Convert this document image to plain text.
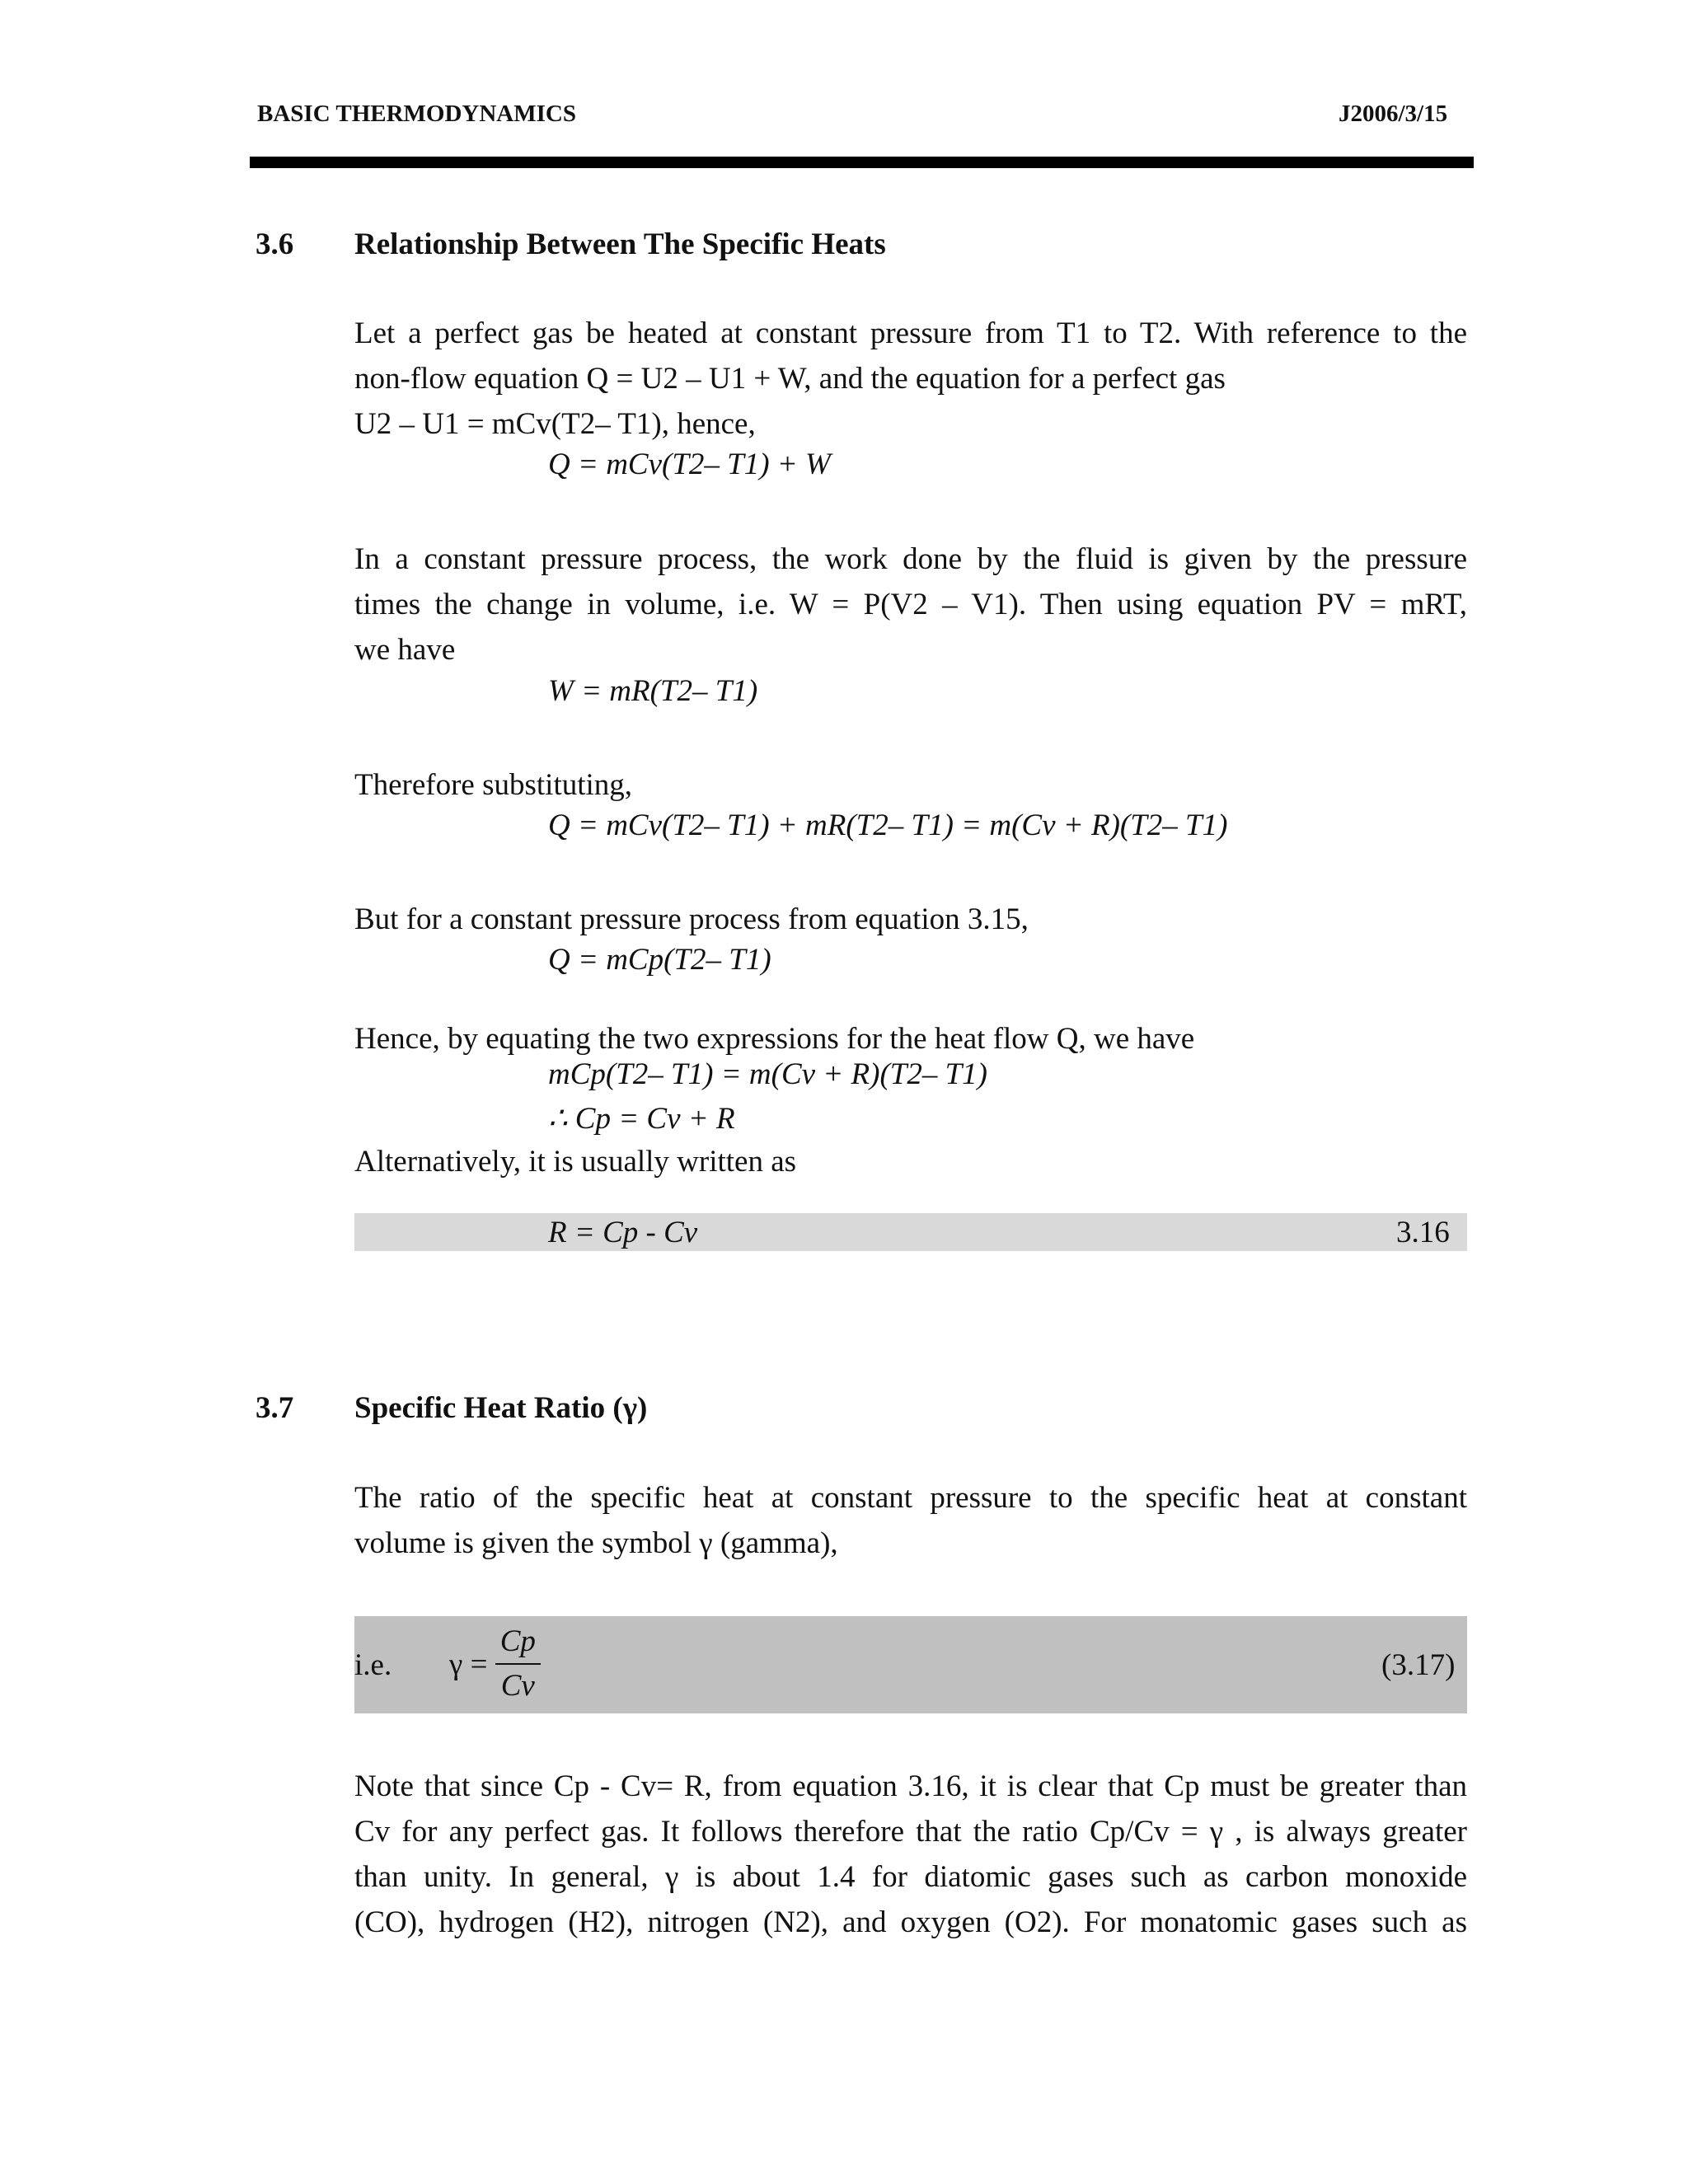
BASIC THERMODYNAMICS	J2006/3/15
3.6 Relationship Between The Specific Heats
Let a perfect gas be heated at constant pressure from T1 to T2. With reference to the
non-flow equation Q = U2 – U1 + W, and the equation for a perfect gas
U2 – U1 = mCv(T2– T1), hence,
Q = mCv(T2– T1) + W
In a constant pressure process, the work done by the fluid is given by the pressure
times the change in volume, i.e. W = P(V2 – V1). Then using equation PV = mRT,
we have
W = mR(T2– T1)
Therefore substituting,
Q = mCv(T2– T1) + mR(T2– T1) = m(Cv + R)(T2– T1)
But for a constant pressure process from equation 3.15,
Q = mCp(T2– T1)
Hence, by equating the two expressions for the heat flow Q, we have
mCp(T2– T1) = m(Cv + R)(T2– T1)
∴ Cp = Cv + R
Alternatively, it is usually written as
R = Cp - Cv	3.16
3.7 Specific Heat Ratio (γ)
The ratio of the specific heat at constant pressure to the specific heat at constant
volume is given the symbol γ (gamma),
i.e. $\gamma = \frac{Cp}{Cv}$	(3.17)
Note that since Cp - Cv= R, from equation 3.16, it is clear that Cp must be greater than
Cv for any perfect gas. It follows therefore that the ratio Cp/Cv = γ , is always greater
than unity. In general, γ is about 1.4 for diatomic gases such as carbon monoxide
(CO), hydrogen (H2), nitrogen (N2), and oxygen (O2). For monatomic gases such as
